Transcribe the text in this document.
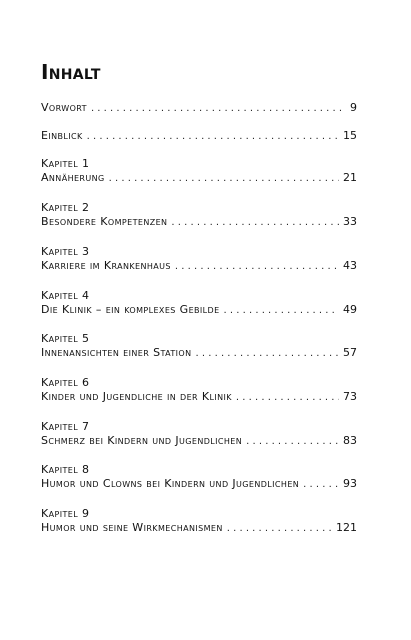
Inhalt
Vorwort . . .	9
Einblick . . .	15
Kapitel 1
Annäherung . . .	21
Kapitel 2
Besondere Kompetenzen . . .	33
Kapitel 3
Karriere im Krankenhaus . . .	43
Kapitel 4
Die Klinik – ein komplexes Gebilde . . .	49
Kapitel 5
Innenansichten einer Station . . .	57
Kapitel 6
Kinder und Jugendliche in der Klinik . . .	73
Kapitel 7
Schmerz bei Kindern und Jugendlichen . . .	83
Kapitel 8
Humor und Clowns bei Kindern und Jugendlichen . . .	93
Kapitel 9
Humor und seine Wirkmechanismen . . .	121
